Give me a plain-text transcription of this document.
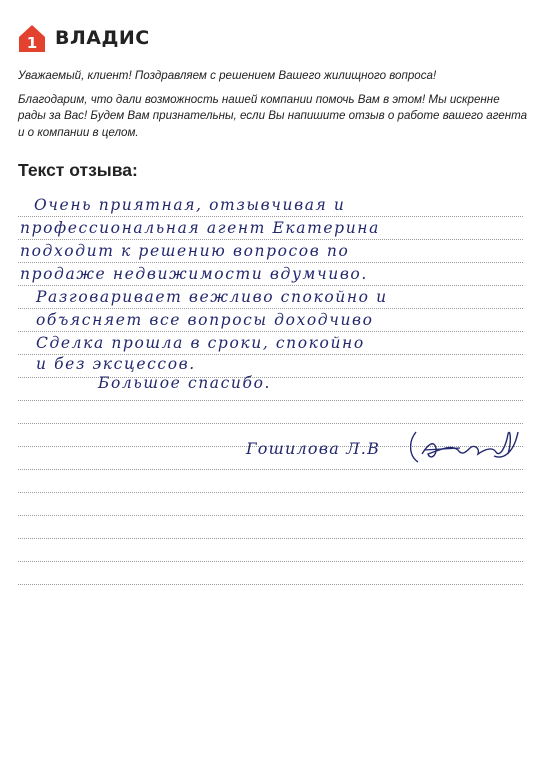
1 ВЛАДИС

Уважаемый, клиент! Поздравляем с решением Вашего жилищного вопроса!

Благодарим, что дали возможность нашей компании помочь Вам в этом! Мы искренне рады за Вас! Будем Вам признательны, если Вы напишите отзыв о работе вашего агента и о компании в целом.

Текст отзыва:
Очень приятная, отзывчивая и
профессиональная агент Екатерина
подходит к решению вопросов по
продаже недвижимости вдумчиво.
Разговаривает вежливо спокойно и
объясняет все вопросы доходчиво
Сделка прошла в сроки, спокойно
и без эксцессов.
Большое спасибо.
Гошилова Л.В
